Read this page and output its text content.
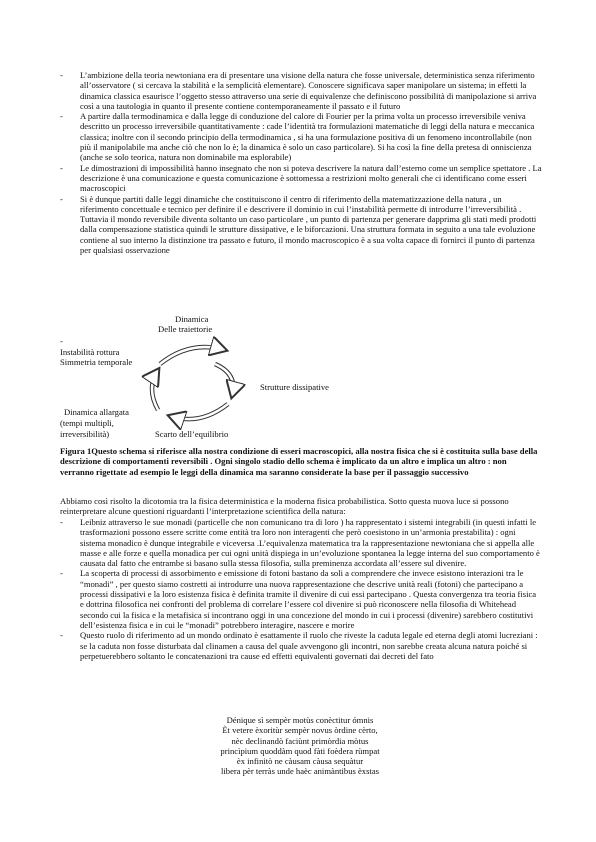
- L’ambizione della teoria newtoniana era di presentare una visione della natura che fosse universale, deterministica senza riferimento all’osservatore ( si cercava la stabilità e la semplicità elementare). Conoscere significava saper manipolare un sistema; in effetti la dinamica classica esaurisce l’oggetto stesso attraverso una serie di equivalenze che definiscono possibilità di manipolazione si arriva così a una tautologia in quanto il presente contiene contemporaneamente il passato e il futuro

- A partire dalla termodinamica e dalla legge di conduzione del calore di Fourier per la prima volta un processo irreversibile veniva descritto un processo irreversibile quantitativamente : cade l’identità tra formulazioni matematiche di leggi della natura e meccanica classica; inoltre con il secondo principio della termodinamica , si ha una formulazione positiva di un fenomeno incontrollabile (non più il manipolabile ma anche ciò che non lo è; la dinamica è solo un caso particolare). Si ha così la fine della pretesa di onniscienza (anche se solo teorica, natura non dominabile ma esplorabile)

- Le dimostrazioni di impossibilità hanno insegnato che non si poteva descrivere la natura dall’esterno come un semplice spettatore . La descrizione è una comunicazione e questa comunicazione è sottomessa a restrizioni molto generali che ci identificano come esseri macroscopici

- Si è dunque partiti dalle leggi dinamiche che costituiscono il centro di riferimento della matematizzazione della natura , un riferimento concettuale e tecnico per definire il e descrivere il dominio in cui l’instabilità permette di introdurre l’irreversibilità . Tuttavia il mondo reversibile diventa soltanto un caso particolare , un punto di partenza per generare dapprima gli stati medi prodotti dalla compensazione statistica quindi le strutture dissipative, e le biforcazioni. Una struttura formata in seguito a una tale evoluzione contiene al suo interno la distinzione tra passato e futuro, il mondo macroscopico è a sua volta capace di fornirci il punto di partenza per qualsiasi osservazione

Dinamica
Delle traiettorie
-
Instabilità rottura
Simmetria temporale
Strutture dissipative
Dinamica allargata
(tempi multipli,
irreversibilità)	Scarto dell’equilibrio
Figura 1Questo schema si riferisce alla nostra condizione di esseri macroscopici, alla nostra fisica che si è costituita sulla base della descrizione di comportamenti reversibili . Ogni singolo stadio dello schema è implicato da un altro e implica un altro : non verranno rigettate ad esempio le leggi della dinamica ma saranno considerate la base per il passaggio successivo
Abbiamo così risolto la dicotomia tra la fisica deterministica e la moderna fisica probabilistica. Sotto questa nuova luce si possono reinterpretare alcune questioni riguardanti l’interpretazione scientifica della natura:

- Leibniz attraverso le sue monadi (particelle che non comunicano tra di loro ) ha rappresentato i sistemi integrabili (in questi infatti le trasformazioni possono essere scritte come entità tra loro non interagenti che però coesistono in un’armonia prestabilita) : ogni sistema monadico è dunque integrabile e viceversa .L’equivalenza matematica tra la rappresentazione newtoniana che si appella alle masse e alle forze e quella monadica per cui ogni unità dispiega in un’evoluzione spontanea la legge interna del suo comportamento è causata dal fatto che entrambe si basano sulla stessa filosofia, sulla preminenza accordata all’essere sul divenire.

- La scoperta di processi di assorbimento e emissione di fotoni bastano da soli a comprendere che invece esistono interazioni tra le “monadi” , per questo siamo costretti ai introdurre una nuova rappresentazione che descrive unità reali (fotoni) che partecipano a processi dissipativi e la loro esistenza fisica è definita tramite il divenire di cui essi partecipano . Questa convergenza tra teoria fisica e dottrina filosofica nei confronti del problema di correlare l’essere col divenire si può riconoscere nella filosofia di Whitehead secondo cui la fisica e la metafisica si incontrano oggi in una concezione del mondo in cui i processi (divenire) sarebbero costitutivi dell’esistenza fisica e in cui le “monadi” potrebbero interagire, nascere e morire

- Questo ruolo di riferimento ad un mondo ordinato è esattamente il ruolo che riveste la caduta legale ed eterna degli atomi lucreziani : se la caduta non fosse disturbata dal clinamen a causa del quale avvengono gli incontri, non sarebbe creata alcuna natura poiché si perpetuerebbero soltanto le concatenazioni tra cause ed effetti equivalenti governati dai decreti del fato

Dénique sì sempèr motùs conèctitur ómnis
Èt vetere èxoritùr sempèr novus òrdine cèrto,
nèc declinandò faciùnt primòrdia mòtus
princìpium quoddàm quod fàti foèdera rùmpat
èx infinitò ne càusam càusa sequàtur
libera pèr terràs unde haèc animàntibus èxstas
